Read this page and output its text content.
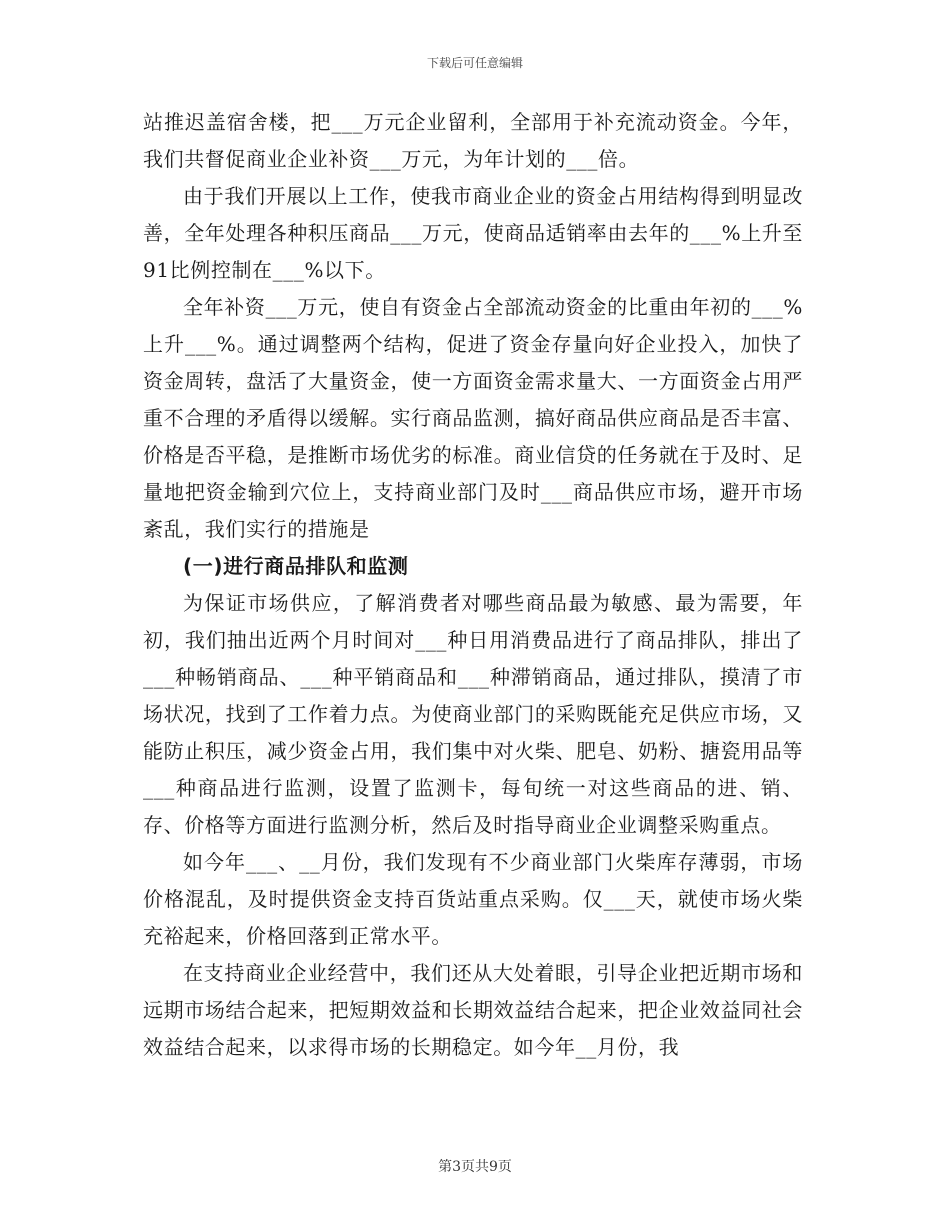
下载后可任意编辑

站推迟盖宿舍楼，把___万元企业留利，全部用于补充流动资金。今年，我们共督促商业企业补资___万元，为年计划的___倍。

由于我们开展以上工作，使我市商业企业的资金占用结构得到明显改善，全年处理各种积压商品___万元，使商品适销率由去年的___%上升至91比例控制在___%以下。

全年补资___万元，使自有资金占全部流动资金的比重由年初的___%上升___%。通过调整两个结构，促进了资金存量向好企业投入，加快了资金周转，盘活了大量资金，使一方面资金需求量大、一方面资金占用严重不合理的矛盾得以缓解。实行商品监测，搞好商品供应商品是否丰富、价格是否平稳，是推断市场优劣的标准。商业信贷的任务就在于及时、足量地把资金输到穴位上，支持商业部门及时___商品供应市场，避开市场紊乱，我们实行的措施是

(一)进行商品排队和监测

为保证市场供应，了解消费者对哪些商品最为敏感、最为需要，年初，我们抽出近两个月时间对___种日用消费品进行了商品排队，排出了___种畅销商品、___种平销商品和___种滞销商品，通过排队，摸清了市场状况，找到了工作着力点。为使商业部门的采购既能充足供应市场，又能防止积压，减少资金占用，我们集中对火柴、肥皂、奶粉、搪瓷用品等___种商品进行监测，设置了监测卡，每旬统一对这些商品的进、销、存、价格等方面进行监测分析，然后及时指导商业企业调整采购重点。

如今年___、__月份，我们发现有不少商业部门火柴库存薄弱，市场价格混乱，及时提供资金支持百货站重点采购。仅___天，就使市场火柴充裕起来，价格回落到正常水平。

在支持商业企业经营中，我们还从大处着眼，引导企业把近期市场和远期市场结合起来，把短期效益和长期效益结合起来，把企业效益同社会效益结合起来，以求得市场的长期稳定。如今年__月份，我

第3页共9页
